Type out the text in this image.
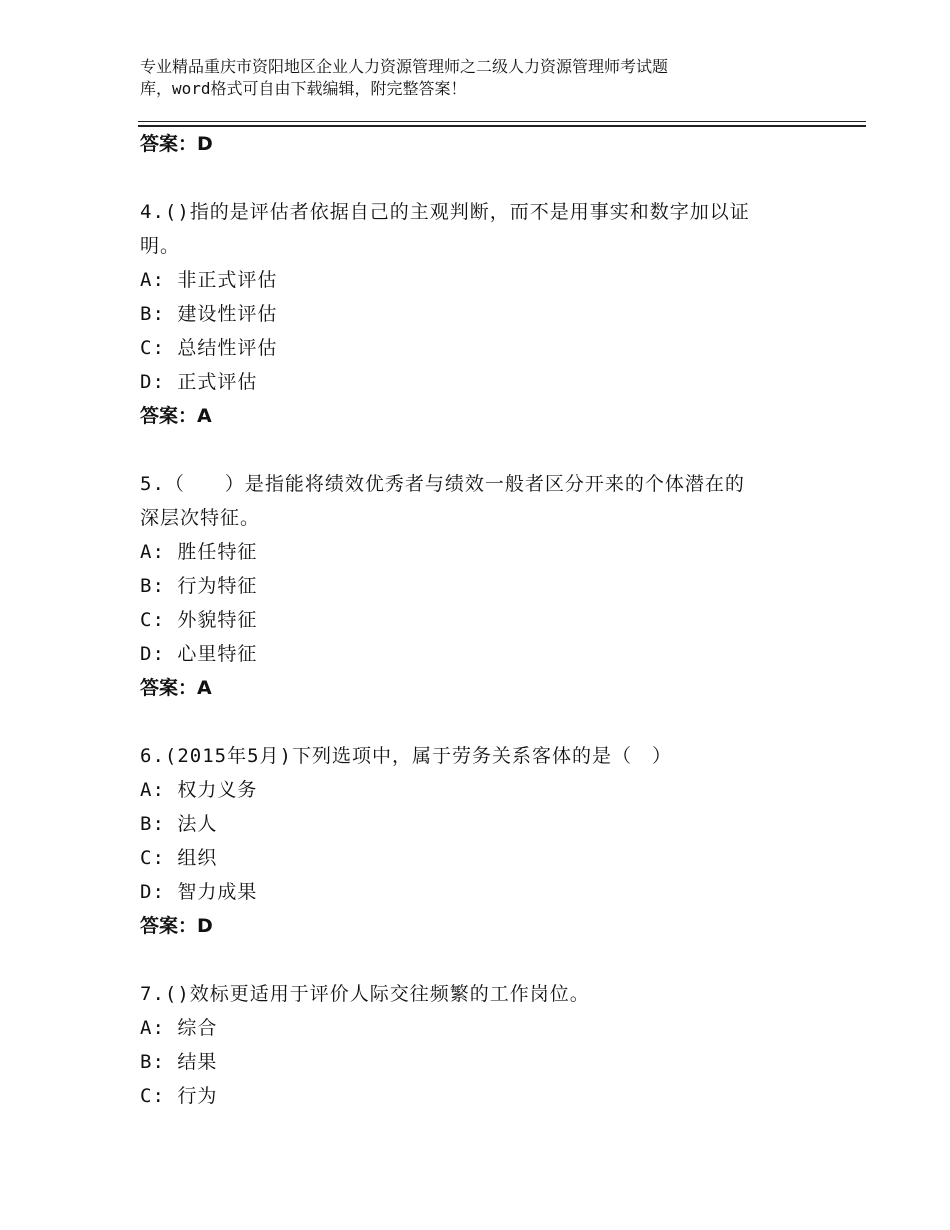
专业精品重庆市资阳地区企业人力资源管理师之二级人力资源管理师考试题
库，word格式可自由下载编辑，附完整答案！
答案：D
4.()指的是评估者依据自己的主观判断，而不是用事实和数字加以证
明。
A: 非正式评估
B: 建设性评估
C: 总结性评估
D: 正式评估
答案：A
5.（　　）是指能将绩效优秀者与绩效一般者区分开来的个体潜在的
深层次特征。
A: 胜任特征
B: 行为特征
C: 外貌特征
D: 心里特征
答案：A
6.(2015年5月)下列选项中，属于劳务关系客体的是（　）
A: 权力义务
B: 法人
C: 组织
D: 智力成果
答案：D
7.()效标更适用于评价人际交往频繁的工作岗位。
A: 综合
B: 结果
C: 行为
